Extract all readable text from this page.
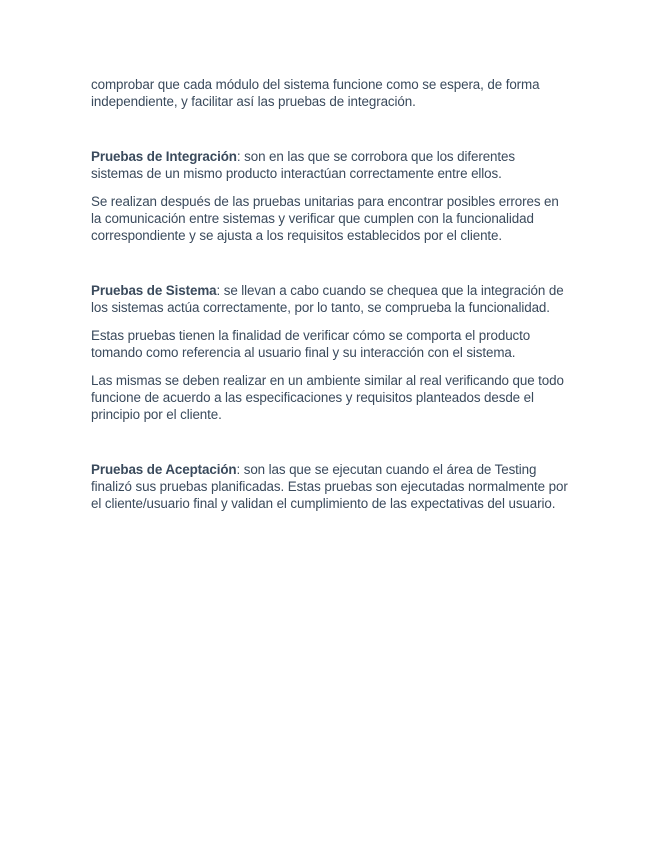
comprobar que cada módulo del sistema funcione como se espera, de forma independiente, y facilitar así las pruebas de integración.

Pruebas de Integración: son en las que se corrobora que los diferentes sistemas de un mismo producto interactúan correctamente entre ellos.

Se realizan después de las pruebas unitarias para encontrar posibles errores en la comunicación entre sistemas y verificar que cumplen con la funcionalidad correspondiente y se ajusta a los requisitos establecidos por el cliente.

Pruebas de Sistema: se llevan a cabo cuando se chequea que la integración de los sistemas actúa correctamente, por lo tanto, se comprueba la funcionalidad.

Estas pruebas tienen la finalidad de verificar cómo se comporta el producto tomando como referencia al usuario final y su interacción con el sistema.

Las mismas se deben realizar en un ambiente similar al real verificando que todo funcione de acuerdo a las especificaciones y requisitos planteados desde el principio por el cliente.

Pruebas de Aceptación: son las que se ejecutan cuando el área de Testing finalizó sus pruebas planificadas. Estas pruebas son ejecutadas normalmente por el cliente/usuario final y validan el cumplimiento de las expectativas del usuario.
